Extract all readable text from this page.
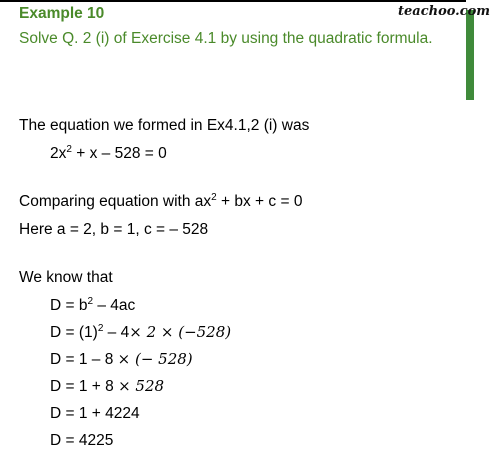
teachoo.com
Example 10
Solve Q. 2 (i) of Exercise 4.1 by using the quadratic formula.
The equation we formed in Ex4.1,2 (i) was
$2x^2 + x - 528 = 0$
Comparing equation with $ax^2$ + bx + c = 0
Here a = 2, b = 1, c = – 528
We know that
$D = b^2 - 4ac$
$D = (1)^2 - 4\times 2 \times (-528)$
D = 1 – 8 × (− 528)
D = 1 + 8 × 528
D = 1 + 4224
D = 4225
